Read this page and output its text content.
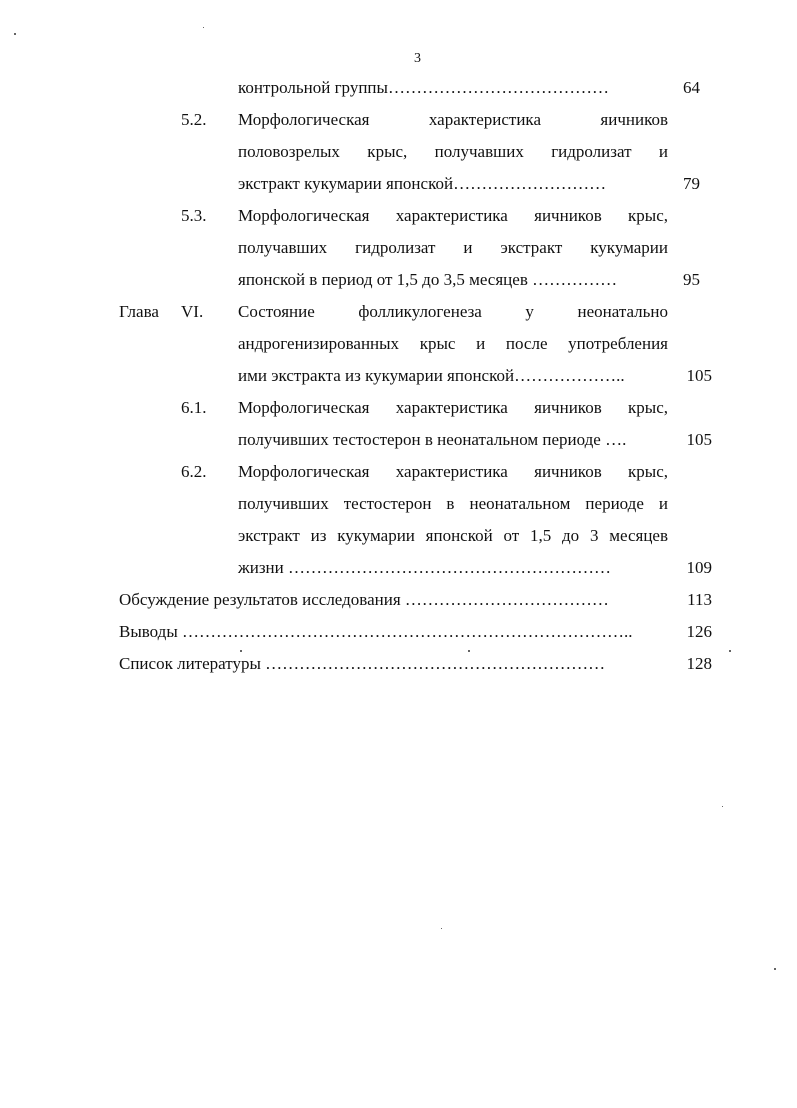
3
контрольной группы…………………………………	64
5.2. Морфологическая характеристика яичников
половозрелых крыс, получавших гидролизат и
экстракт кукумарии японской………………………	79
5.3. Морфологическая характеристика яичников крыс,
получавших гидролизат и экстракт кукумарии
японской в период от 1,5 до 3,5 месяцев ……………	95
Глава VI. Состояние фолликулогенеза у неонатально
андрогенизированных крыс и после употребления
ими экстракта из кукумарии японской………………..	105
6.1. Морфологическая характеристика яичников крыс,
получивших тестостерон в неонатальном периоде ….	105
6.2. Морфологическая характеристика яичников крыс,
получивших тестостерон в неонатальном периоде и
экстракт из кукумарии японской от 1,5 до 3 месяцев
жизни …………………………………………………	109
Обсуждение результатов исследования ………………………………	113
Выводы ……………………………………………………………………..	126
Список литературы ……………………………………………………	128
